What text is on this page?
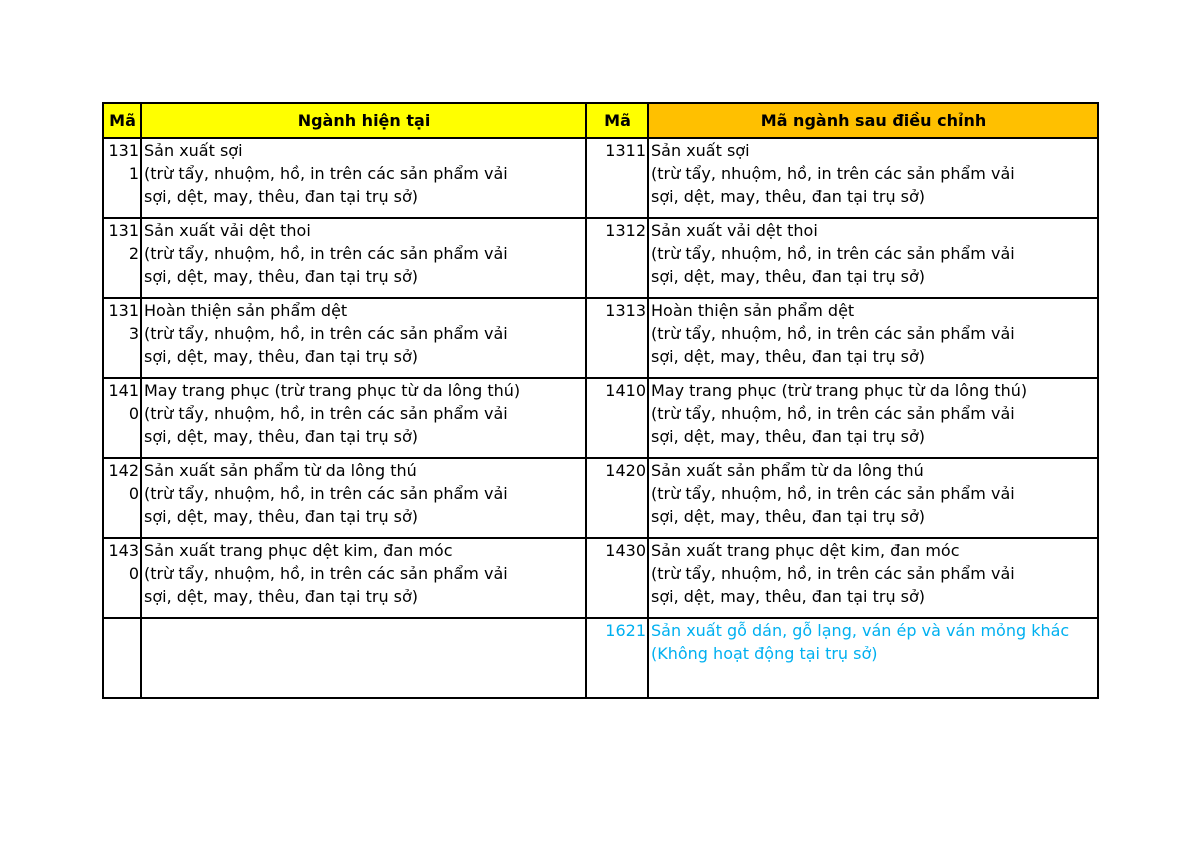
Mã	Ngành hiện tại	Mã	Mã ngành sau điều chỉnh
1311	Sản xuất sợi
(trừ tẩy, nhuộm, hồ, in trên các sản phẩm vải
sợi, dệt, may, thêu, đan tại trụ sở)	1311	Sản xuất sợi
(trừ tẩy, nhuộm, hồ, in trên các sản phẩm vải
sợi, dệt, may, thêu, đan tại trụ sở)

1312	Sản xuất vải dệt thoi
(trừ tẩy, nhuộm, hồ, in trên các sản phẩm vải
sợi, dệt, may, thêu, đan tại trụ sở)	1312	Sản xuất vải dệt thoi
(trừ tẩy, nhuộm, hồ, in trên các sản phẩm vải
sợi, dệt, may, thêu, đan tại trụ sở)

1313	Hoàn thiện sản phẩm dệt
(trừ tẩy, nhuộm, hồ, in trên các sản phẩm vải
sợi, dệt, may, thêu, đan tại trụ sở)	1313	Hoàn thiện sản phẩm dệt
(trừ tẩy, nhuộm, hồ, in trên các sản phẩm vải
sợi, dệt, may, thêu, đan tại trụ sở)

1410	May trang phục (trừ trang phục từ da lông thú)
(trừ tẩy, nhuộm, hồ, in trên các sản phẩm vải
sợi, dệt, may, thêu, đan tại trụ sở)	1410	May trang phục (trừ trang phục từ da lông thú)
(trừ tẩy, nhuộm, hồ, in trên các sản phẩm vải
sợi, dệt, may, thêu, đan tại trụ sở)

1420	Sản xuất sản phẩm từ da lông thú
(trừ tẩy, nhuộm, hồ, in trên các sản phẩm vải
sợi, dệt, may, thêu, đan tại trụ sở)	1420	Sản xuất sản phẩm từ da lông thú
(trừ tẩy, nhuộm, hồ, in trên các sản phẩm vải
sợi, dệt, may, thêu, đan tại trụ sở)

1430	Sản xuất trang phục dệt kim, đan móc
(trừ tẩy, nhuộm, hồ, in trên các sản phẩm vải
sợi, dệt, may, thêu, đan tại trụ sở)	1430	Sản xuất trang phục dệt kim, đan móc
(trừ tẩy, nhuộm, hồ, in trên các sản phẩm vải
sợi, dệt, may, thêu, đan tại trụ sở)

		1621	Sản xuất gỗ dán, gỗ lạng, ván ép và ván mỏng khác
(Không hoạt động tại trụ sở)
